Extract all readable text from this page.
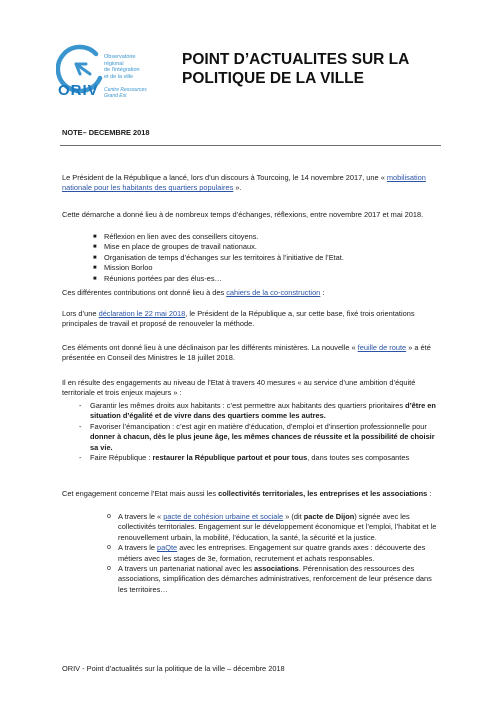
Observatoire
régional
de l'intégration
et de la ville
ORIV Centre Ressources
Grand Est
POINT D’ACTUALITES SUR LA
POLITIQUE DE LA VILLE
NOTE– DECEMBRE 2018

Le Président de la République a lancé, lors d’un discours à Tourcoing, le 14 novembre 2017, une « mobilisation nationale pour les habitants des quartiers populaires ».

Cette démarche a donné lieu à de nombreux temps d’échanges, réflexions, entre novembre 2017 et mai 2018.

■ Réflexion en lien avec des conseillers citoyens.
■ Mise en place de groupes de travail nationaux.
■ Organisation de temps d’échanges sur les territoires à l’initiative de l’Etat.
■ Mission Borloo
■ Réunions portées par des élus-es…

Ces différentes contributions ont donné lieu à des cahiers de la co-construction :

Lors d’une déclaration le 22 mai 2018, le Président de la République a, sur cette base, fixé trois orientations principales de travail et proposé de renouveler la méthode.

Ces éléments ont donné lieu à une déclinaison par les différents ministères. La nouvelle « feuille de route » a été présentée en Conseil des Ministres le 18 juillet 2018.

Il en résulte des engagements au niveau de l’Etat à travers 40 mesures « au service d’une ambition d’équité territoriale et trois enjeux majeurs » :

- Garantir les mêmes droits aux habitants : c’est permettre aux habitants des quartiers prioritaires d’être en situation d’égalité et de vivre dans des quartiers comme les autres.
- Favoriser l’émancipation : c’est agir en matière d’éducation, d’emploi et d’insertion professionnelle pour donner à chacun, dès le plus jeune âge, les mêmes chances de réussite et la possibilité de choisir sa vie.
- Faire République : restaurer la République partout et pour tous, dans toutes ses composantes

Cet engagement concerne l’Etat mais aussi les collectivités territoriales, les entreprises et les associations :

o A travers le « pacte de cohésion urbaine et sociale » (dit pacte de Dijon) signée avec les collectivités territoriales. Engagement sur le développement économique et l’emploi, l’habitat et le renouvellement urbain, la mobilité, l’éducation, la santé, la sécurité et la justice.
o A travers le paQte avec les entreprises. Engagement sur quatre grands axes : découverte des métiers avec les stages de 3e, formation, recrutement et achats responsables.
o A travers un partenariat national avec les associations. Pérennisation des ressources des associations, simplification des démarches administratives, renforcement de leur présence dans les territoires…
ORIV - Point d’actualités sur la politique de la ville – décembre 2018
